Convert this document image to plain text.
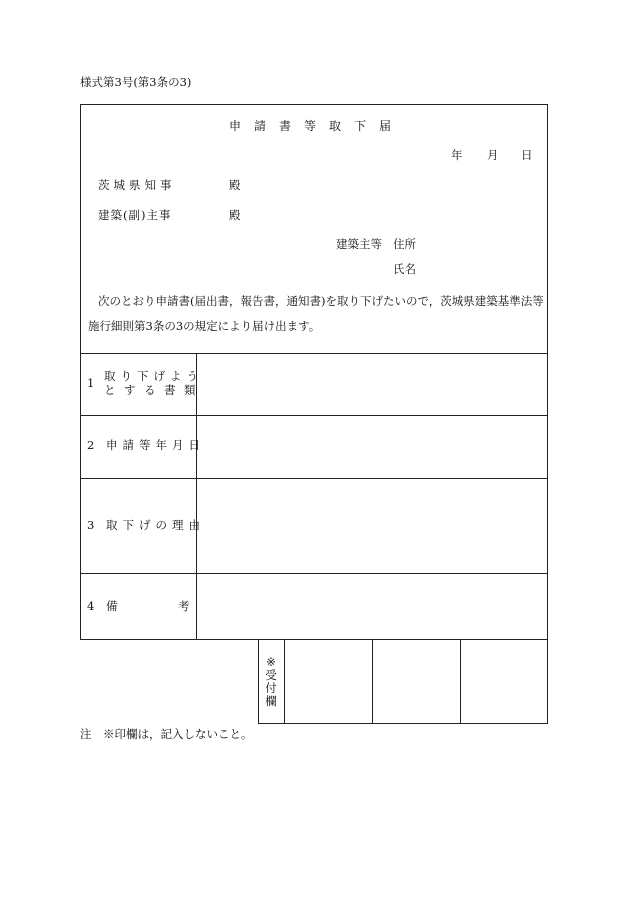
様式第3号(第3条の3)
申請書等取下届
年 月 日
茨城県知事	殿
建築(副)主事	殿
建築主等 住所
氏名
次のとおり申請書(届出書，報告書，通知書)を取り下げたいので，茨城県建築基準法等施行細則第3条の3の規定により届け出ます。
1 取り下げよう
とする書類
2 申請等年月日
3 取下げの理由
4 備	考
※
受
付
欄
注　※印欄は，記入しないこと。
